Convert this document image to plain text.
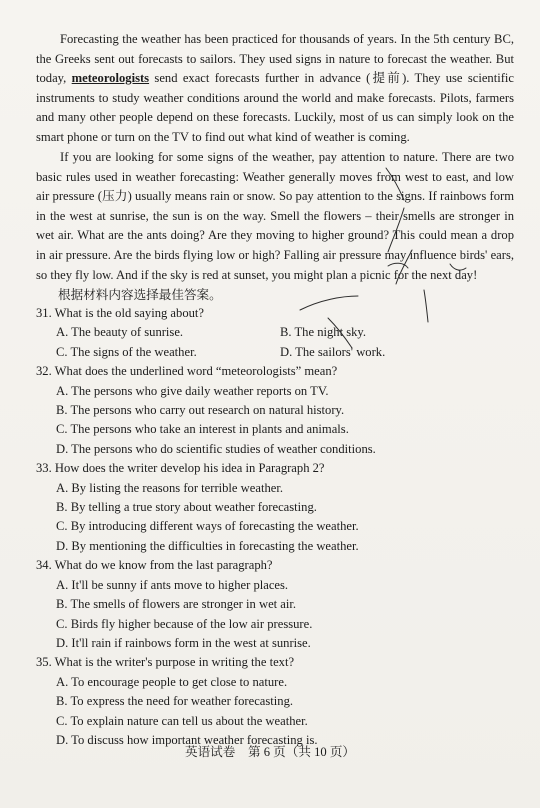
Forecasting the weather has been practiced for thousands of years. In the 5th century BC, the Greeks sent out forecasts to sailors. They used signs in nature to forecast the weather. But today, meteorologists send exact forecasts further in advance (提前). They use scientific instruments to study weather conditions around the world and make forecasts. Pilots, farmers and many other people depend on these forecasts. Luckily, most of us can simply look on the smart phone or turn on the TV to find out what kind of weather is coming.

If you are looking for some signs of the weather, pay attention to nature. There are two basic rules used in weather forecasting: Weather generally moves from west to east, and low air pressure (压力) usually means rain or snow. So pay attention to the signs. If rainbows form in the west at sunrise, the sun is on the way. Smell the flowers – their smells are stronger in wet air. What are the ants doing? Are they moving to higher ground? This could mean a drop in air pressure. Are the birds flying low or high? Falling air pressure may influence birds' ears, so they fly low. And if the sky is red at sunset, you might plan a picnic for the next day!

根据材料内容选择最佳答案。

31. What is the old saying about?
A. The beauty of sunrise.	B. The night sky.
C. The signs of the weather.	D. The sailors' work.
32. What does the underlined word “meteorologists” mean?
A. The persons who give daily weather reports on TV.
B. The persons who carry out research on natural history.
C. The persons who take an interest in plants and animals.
D. The persons who do scientific studies of weather conditions.
33. How does the writer develop his idea in Paragraph 2?
A. By listing the reasons for terrible weather.
B. By telling a true story about weather forecasting.
C. By introducing different ways of forecasting the weather.
D. By mentioning the difficulties in forecasting the weather.
34. What do we know from the last paragraph?
A. It'll be sunny if ants move to higher places.
B. The smells of flowers are stronger in wet air.
C. Birds fly higher because of the low air pressure.
D. It'll rain if rainbows form in the west at sunrise.
35. What is the writer's purpose in writing the text?
A. To encourage people to get close to nature.
B. To express the need for weather forecasting.
C. To explain nature can tell us about the weather.
D. To discuss how important weather forecasting is.
英语试卷　第 6 页（共 10 页）
